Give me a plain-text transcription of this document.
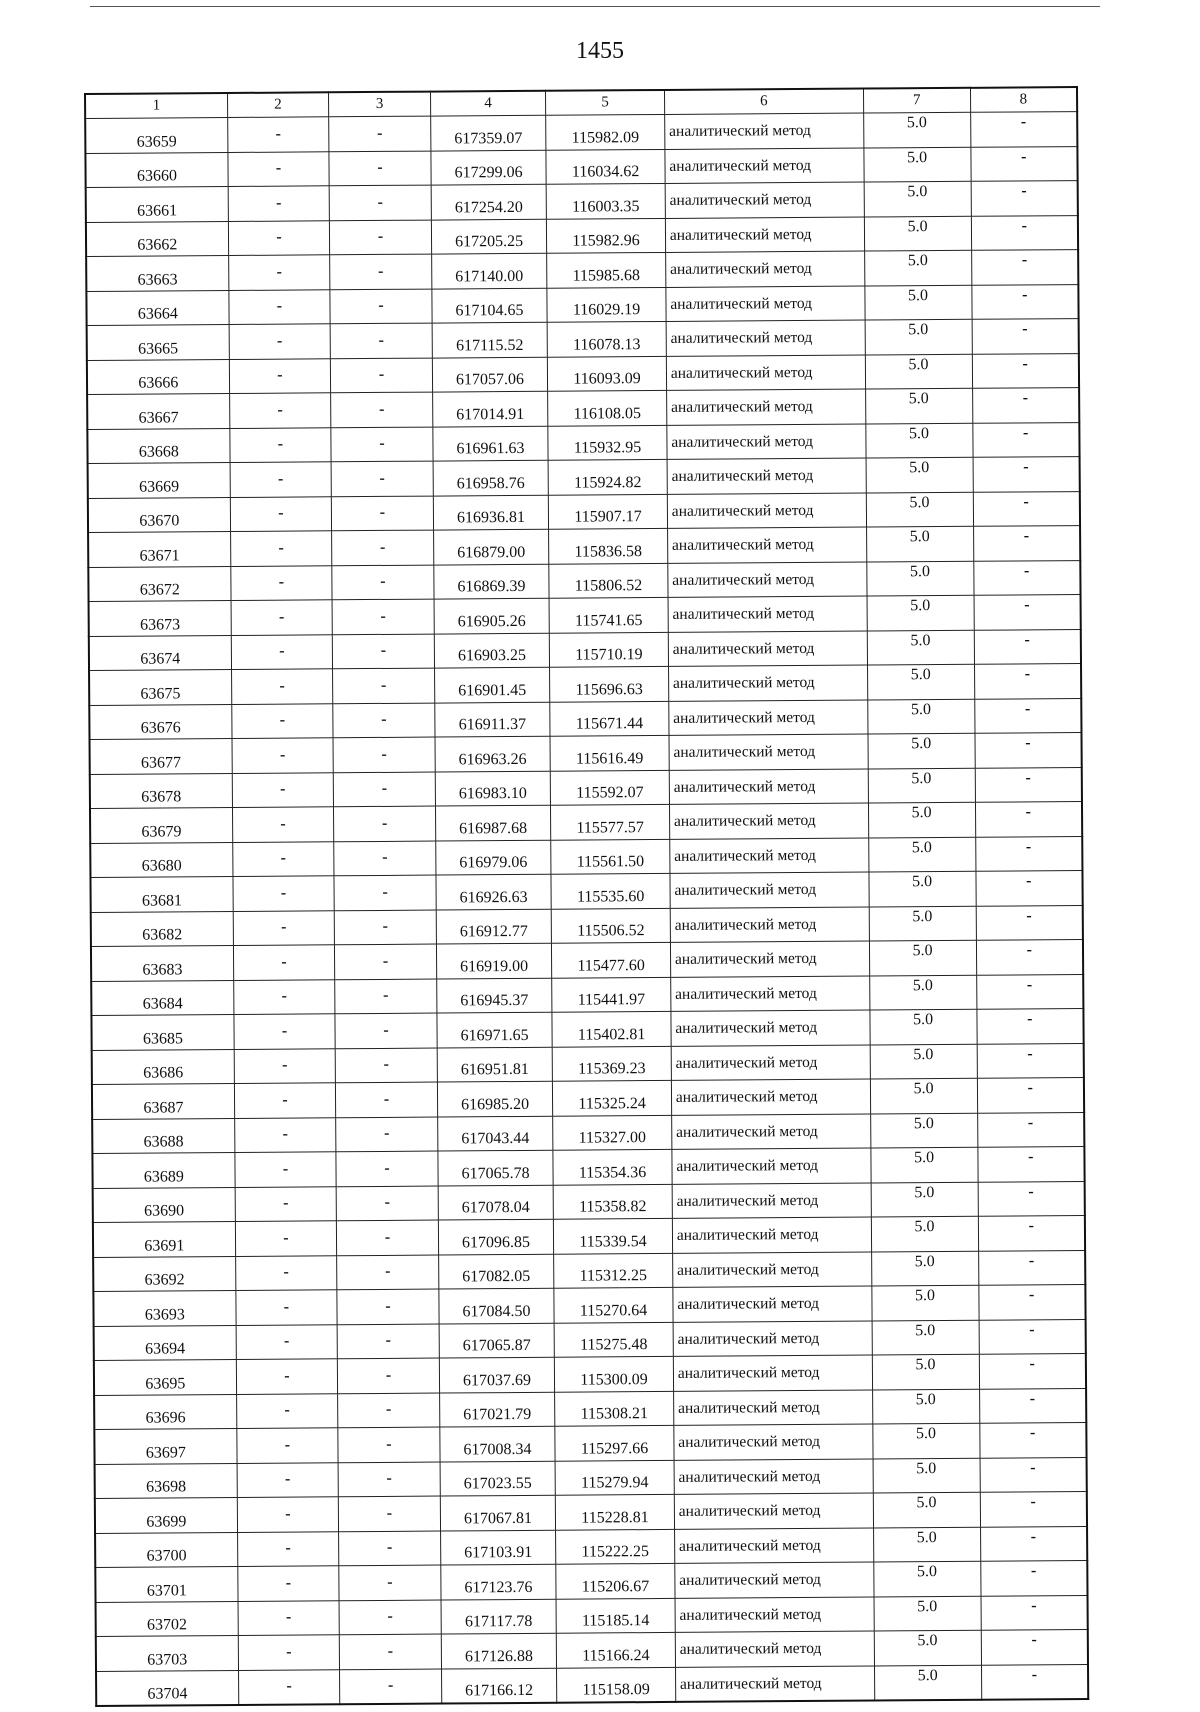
1455
1	2	3	4	5	6	7	8
63659	-	-	617359.07	115982.09	аналитический метод	5.0	-
63660	-	-	617299.06	116034.62	аналитический метод	5.0	-
63661	-	-	617254.20	116003.35	аналитический метод	5.0	-
63662	-	-	617205.25	115982.96	аналитический метод	5.0	-
63663	-	-	617140.00	115985.68	аналитический метод	5.0	-
63664	-	-	617104.65	116029.19	аналитический метод	5.0	-
63665	-	-	617115.52	116078.13	аналитический метод	5.0	-
63666	-	-	617057.06	116093.09	аналитический метод	5.0	-
63667	-	-	617014.91	116108.05	аналитический метод	5.0	-
63668	-	-	616961.63	115932.95	аналитический метод	5.0	-
63669	-	-	616958.76	115924.82	аналитический метод	5.0	-
63670	-	-	616936.81	115907.17	аналитический метод	5.0	-
63671	-	-	616879.00	115836.58	аналитический метод	5.0	-
63672	-	-	616869.39	115806.52	аналитический метод	5.0	-
63673	-	-	616905.26	115741.65	аналитический метод	5.0	-
63674	-	-	616903.25	115710.19	аналитический метод	5.0	-
63675	-	-	616901.45	115696.63	аналитический метод	5.0	-
63676	-	-	616911.37	115671.44	аналитический метод	5.0	-
63677	-	-	616963.26	115616.49	аналитический метод	5.0	-
63678	-	-	616983.10	115592.07	аналитический метод	5.0	-
63679	-	-	616987.68	115577.57	аналитический метод	5.0	-
63680	-	-	616979.06	115561.50	аналитический метод	5.0	-
63681	-	-	616926.63	115535.60	аналитический метод	5.0	-
63682	-	-	616912.77	115506.52	аналитический метод	5.0	-
63683	-	-	616919.00	115477.60	аналитический метод	5.0	-
63684	-	-	616945.37	115441.97	аналитический метод	5.0	-
63685	-	-	616971.65	115402.81	аналитический метод	5.0	-
63686	-	-	616951.81	115369.23	аналитический метод	5.0	-
63687	-	-	616985.20	115325.24	аналитический метод	5.0	-
63688	-	-	617043.44	115327.00	аналитический метод	5.0	-
63689	-	-	617065.78	115354.36	аналитический метод	5.0	-
63690	-	-	617078.04	115358.82	аналитический метод	5.0	-
63691	-	-	617096.85	115339.54	аналитический метод	5.0	-
63692	-	-	617082.05	115312.25	аналитический метод	5.0	-
63693	-	-	617084.50	115270.64	аналитический метод	5.0	-
63694	-	-	617065.87	115275.48	аналитический метод	5.0	-
63695	-	-	617037.69	115300.09	аналитический метод	5.0	-
63696	-	-	617021.79	115308.21	аналитический метод	5.0	-
63697	-	-	617008.34	115297.66	аналитический метод	5.0	-
63698	-	-	617023.55	115279.94	аналитический метод	5.0	-
63699	-	-	617067.81	115228.81	аналитический метод	5.0	-
63700	-	-	617103.91	115222.25	аналитический метод	5.0	-
63701	-	-	617123.76	115206.67	аналитический метод	5.0	-
63702	-	-	617117.78	115185.14	аналитический метод	5.0	-
63703	-	-	617126.88	115166.24	аналитический метод	5.0	-
63704	-	-	617166.12	115158.09	аналитический метод	5.0	-
